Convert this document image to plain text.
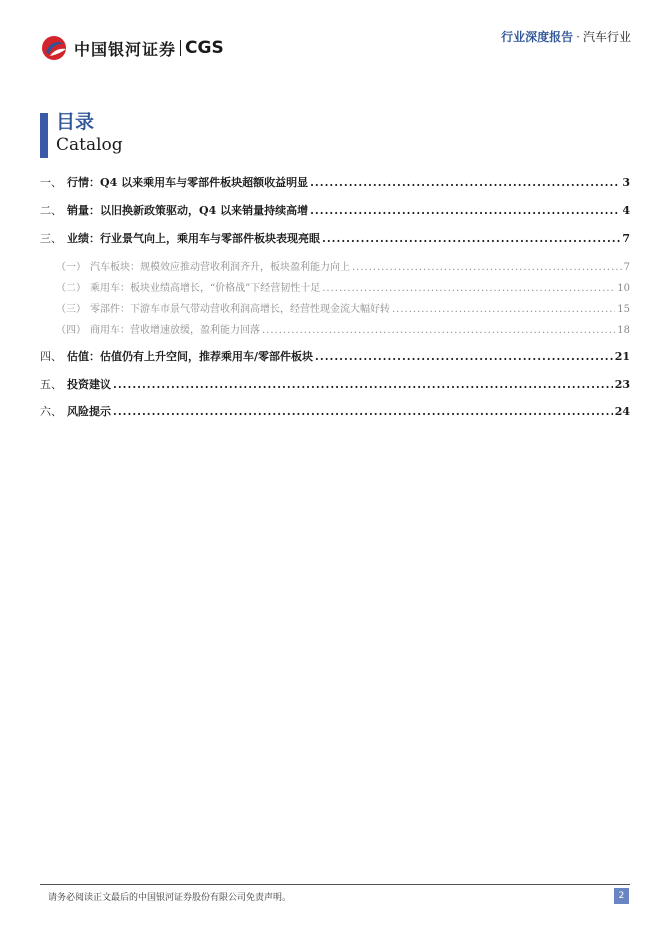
中国银河证券 CGS
行业深度报告 · 汽车行业
目录
Catalog
一、 行情：Q4 以来乘用车与零部件板块超额收益明显 .....	3
二、 销量：以旧换新政策驱动，Q4 以来销量持续高增 .....	4
三、 业绩：行业景气向上，乘用车与零部件板块表现亮眼 .....	7
（一） 汽车板块：规模效应推动营收利润齐升，板块盈利能力向上 .....	7
（二） 乘用车：板块业绩高增长，“价格战”下经营韧性十足 .....	10
（三） 零部件：下游车市景气带动营收利润高增长，经营性现金流大幅好转 .....	15
（四） 商用车：营收增速放缓，盈利能力回落 .....	18
四、 估值：估值仍有上升空间，推荐乘用车/零部件板块 .....	21
五、 投资建议 .....	23
六、 风险提示 .....	24
请务必阅读正文最后的中国银河证券股份有限公司免责声明。	2
